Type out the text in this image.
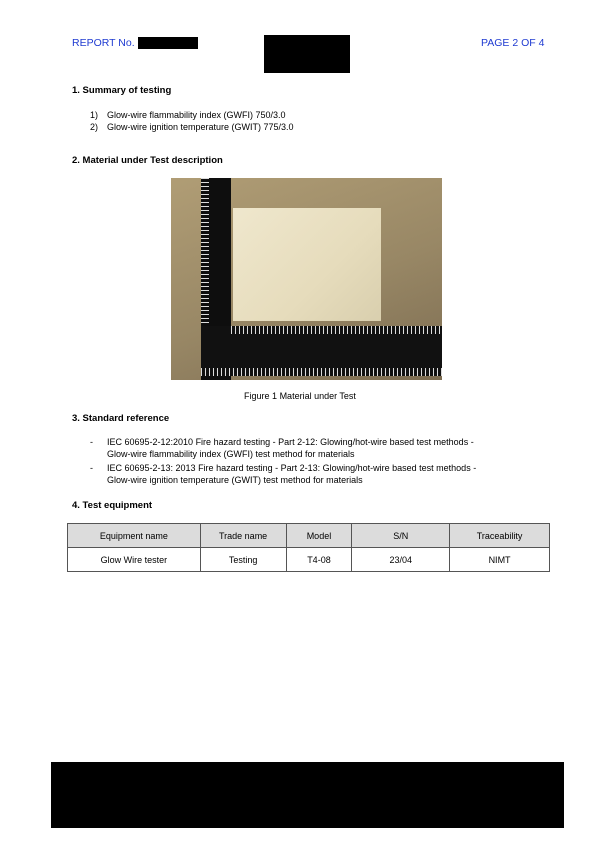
REPORT No.	PAGE 2 OF 4
1. Summary of testing
1) Glow-wire flammability index (GWFI) 750/3.0
2) Glow-wire ignition temperature (GWIT) 775/3.0
2. Material under Test description
Figure 1 Material under Test
3. Standard reference
- IEC 60695-2-12:2010 Fire hazard testing - Part 2-12: Glowing/hot-wire based test methods -
Glow-wire flammability index (GWFI) test method for materials
- IEC 60695-2-13: 2013 Fire hazard testing - Part 2-13: Glowing/hot-wire based test methods -
Glow-wire ignition temperature (GWIT) test method for materials
4. Test equipment
Equipment name	Trade name	Model	S/N	Traceability
Glow Wire tester	Testing	T4-08	23/04	NIMT
